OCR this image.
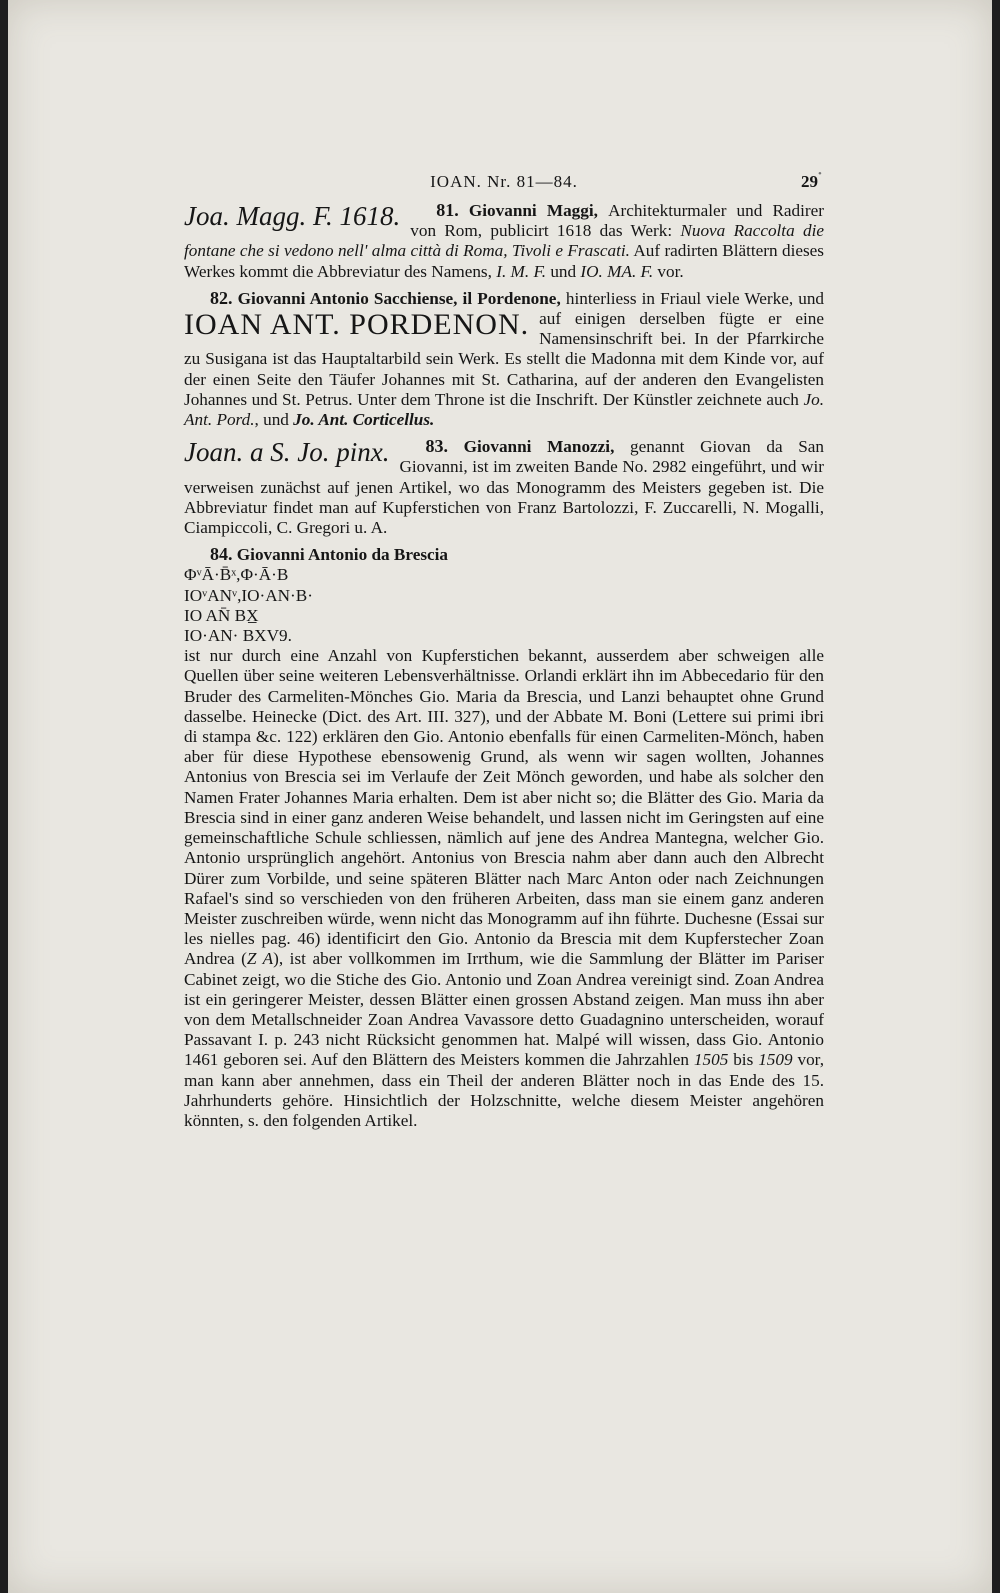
•
IOAN. Nr. 81—84.	29

81. Giovanni Maggi,
Joa. Magg. F. 1618.	Architekturmaler und Radirer von Rom, publicirt 1618 das Werk: Nuova Raccolta die fontane che si vedono nell' alma città di Roma, Tivoli e Frascati. Auf radirten Blättern dieses Werkes kommt die Abbreviatur des Namens, I. M. F. und IO. MA. F. vor.

82. Giovanni Antonio Sacchiense, il Pordenone,
IOAN ANT. PORDENON.
hinterliess in Friaul viele Werke, und auf einigen derselben fügte er eine Namensinschrift bei. In der Pfarrkirche zu Susigana ist das Hauptaltarbild sein Werk. Es stellt die Madonna mit dem Kinde vor, auf der einen Seite den Täufer Johannes mit St. Catharina, auf der anderen den Evangelisten Johannes und St. Petrus. Unter dem Throne ist die Inschrift. Der Künstler zeichnete auch Jo. Ant. Pord., und Jo. Ant. Corticellus.

83. Giovanni Manozzi,
Joan. a S. Jo. pinx.	genannt Giovan da San Giovanni, ist im zweiten Bande No. 2982 eingeführt, und wir verweisen zunächst auf jenen Artikel, wo das Monogramm des Meisters gegeben ist. Die Abbreviatur findet man auf Kupferstichen von Franz Bartolozzi, F. Zuccarelli, N. Mogalli, Ciampiccoli, C. Gregori u. A.

84. Giovanni Antonio da Brescia

ΦᵛĀ·B̄ˣ,Φ·Ā·B
IOᵛANᵛ,IO·AN·B·
IO AN̄ BX̲
IO·AN· BXV9.
ist nur durch eine Anzahl von Kupferstichen bekannt, ausserdem aber schweigen alle Quellen über seine weiteren Lebensverhältnisse. Orlandi erklärt ihn im Abbecedario für den Bruder des Carmeliten-Mönches Gio. Maria da Brescia, und Lanzi behauptet ohne Grund dasselbe. Heinecke (Dict. des Art. III. 327), und der Abbate M. Boni (Lettere sui primi ibri di stampa &c. 122) erklären den Gio. Antonio ebenfalls für einen Carmeliten-Mönch, haben aber für diese Hypothese ebensowenig Grund, als wenn wir sagen wollten, Johannes Antonius von Brescia sei im Verlaufe der Zeit Mönch geworden, und habe als solcher den Namen Frater Johannes Maria erhalten. Dem ist aber nicht so; die Blätter des Gio. Maria da Brescia sind in einer ganz anderen Weise behandelt, und lassen nicht im Geringsten auf eine gemeinschaftliche Schule schliessen, nämlich auf jene des Andrea Mantegna, welcher Gio. Antonio ursprünglich angehört. Antonius von Brescia nahm aber dann auch den Albrecht Dürer zum Vorbilde, und seine späteren Blätter nach Marc Anton oder nach Zeichnungen Rafael's sind so verschieden von den früheren Arbeiten, dass man sie einem ganz anderen Meister zuschreiben würde, wenn nicht das Monogramm auf ihn führte. Duchesne (Essai sur les nielles pag. 46) identificirt den Gio. Antonio da Brescia mit dem Kupferstecher Zoan Andrea (Z A), ist aber vollkommen im Irrthum, wie die Sammlung der Blätter im Pariser Cabinet zeigt, wo die Stiche des Gio. Antonio und Zoan Andrea vereinigt sind. Zoan Andrea ist ein geringerer Meister, dessen Blätter einen grossen Abstand zeigen. Man muss ihn aber von dem Metallschneider Zoan Andrea Vavassore detto Guadagnino unterscheiden, worauf Passavant I. p. 243 nicht Rücksicht genommen hat. Malpé will wissen, dass Gio. Antonio 1461 geboren sei. Auf den Blättern des Meisters kommen die Jahrzahlen 1505 bis 1509 vor, man kann aber annehmen, dass ein Theil der anderen Blätter noch in das Ende des 15. Jahrhunderts gehöre. Hinsichtlich der Holzschnitte, welche diesem Meister angehören könnten, s. den folgenden Artikel.
